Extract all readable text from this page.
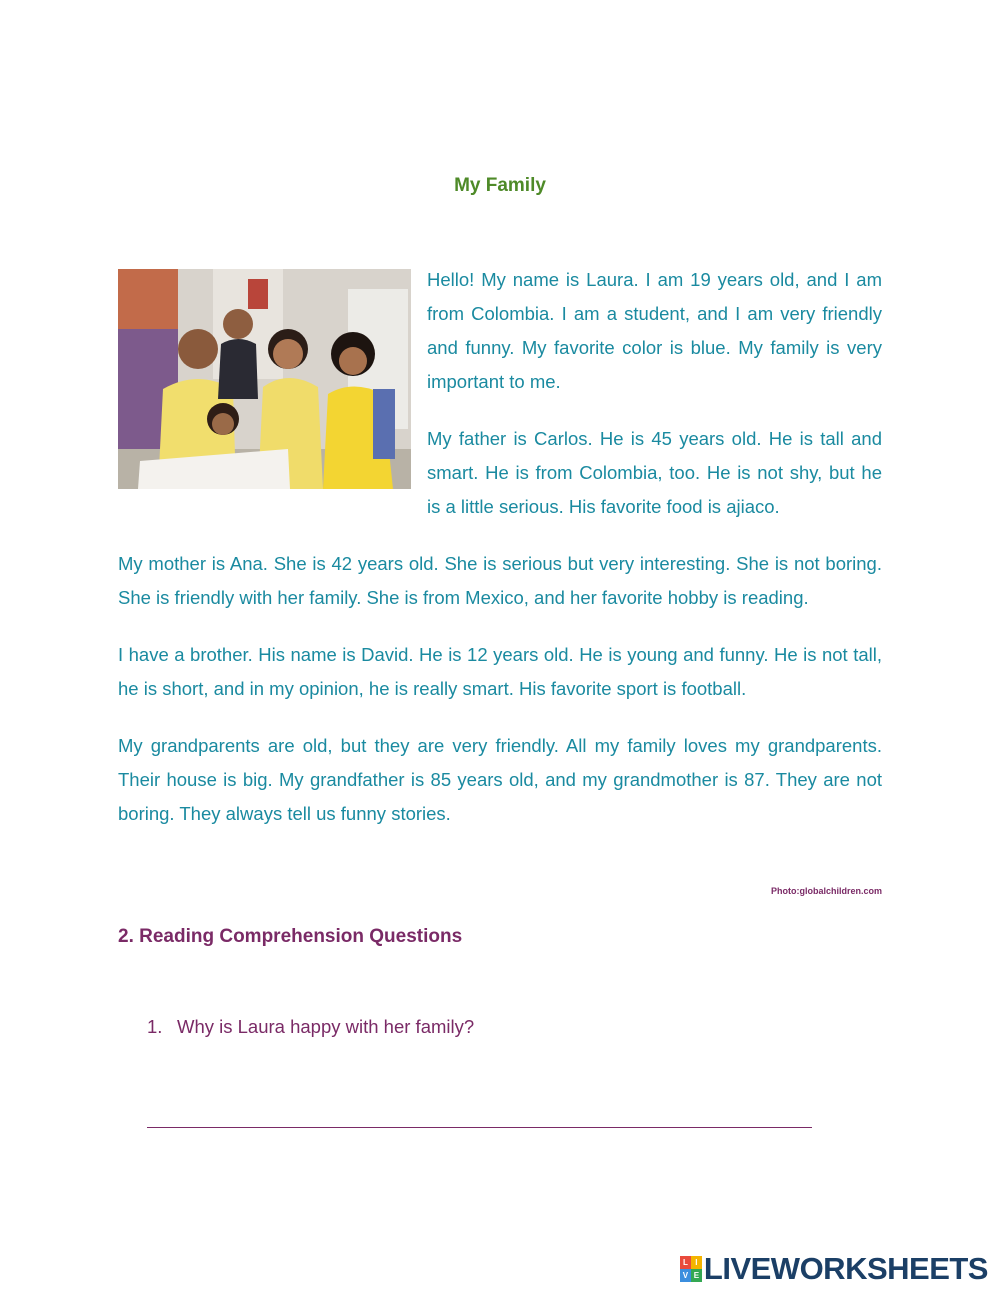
My Family

Hello! My name is Laura. I am 19 years old, and I am from Colombia. I am a student, and I am very friendly and funny. My favorite color is blue. My family is very important to me.

My father is Carlos. He is 45 years old. He is tall and smart. He is from Colombia, too. He is not shy, but he is a little serious. His favorite food is ajiaco.

My mother is Ana. She is 42 years old. She is serious but very interesting. She is not boring. She is friendly with her family. She is from Mexico, and her favorite hobby is reading.

I have a brother. His name is David. He is 12 years old. He is young and funny. He is not tall, he is short, and in my opinion, he is really smart. His favorite sport is football.

My grandparents are old, but they are very friendly. All my family loves my grandparents. Their house is big. My grandfather is 85 years old, and my grandmother is 87. They are not boring. They always tell us funny stories.

Photo:globalchildren.com
2. Reading Comprehension Questions
1. Why is Laura happy with her family?
L I
V E LIVEWORKSHEETS
